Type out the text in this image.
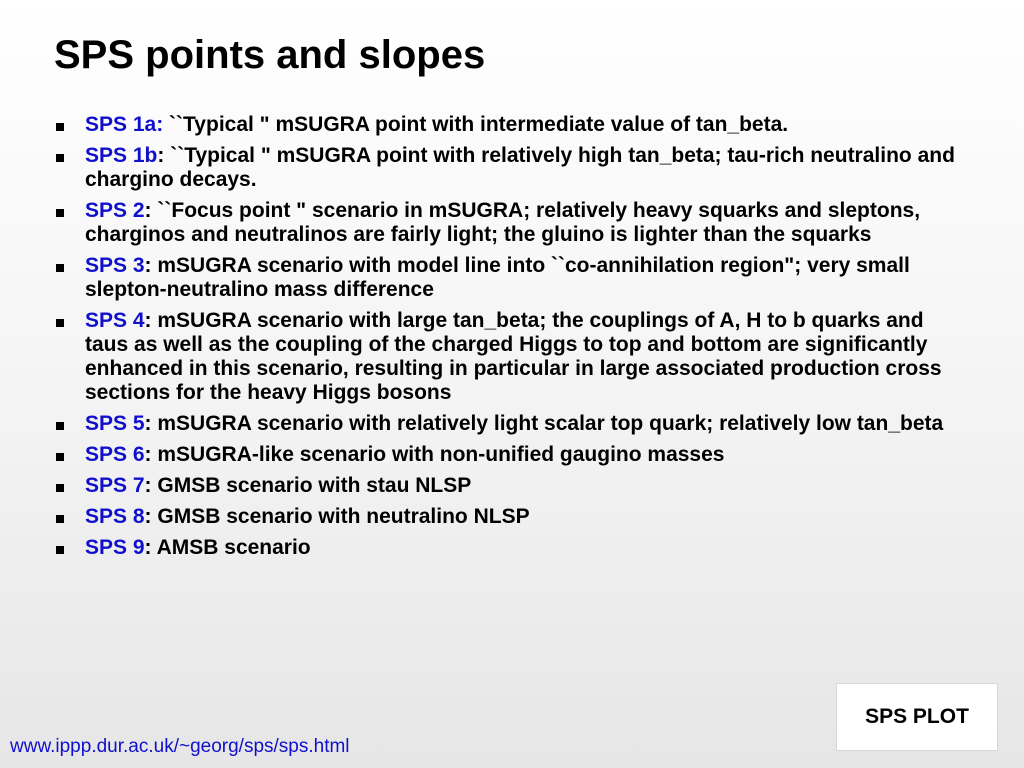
SPS points and slopes
SPS 1a: ``Typical " mSUGRA point with intermediate value of tan_beta.
SPS 1b: ``Typical " mSUGRA point with relatively high tan_beta; tau-rich neutralino and chargino decays.
SPS 2: ``Focus point " scenario in mSUGRA; relatively heavy squarks and sleptons, charginos and neutralinos are fairly light; the gluino is lighter than the squarks
SPS 3: mSUGRA scenario with model line into ``co-annihilation region"; very small slepton-neutralino mass difference
SPS 4: mSUGRA scenario with large tan_beta; the couplings of A, H to b quarks and taus as well as the coupling of the charged Higgs to top and bottom are significantly enhanced in this scenario, resulting in particular in large associated production cross sections for the heavy Higgs bosons
SPS 5: mSUGRA scenario with relatively light scalar top quark; relatively low tan_beta
SPS 6: mSUGRA-like scenario with non-unified gaugino masses
SPS 7: GMSB scenario with stau NLSP
SPS 8: GMSB scenario with neutralino NLSP
SPS 9: AMSB scenario
SPS PLOT
www.ippp.dur.ac.uk/~georg/sps/sps.html
